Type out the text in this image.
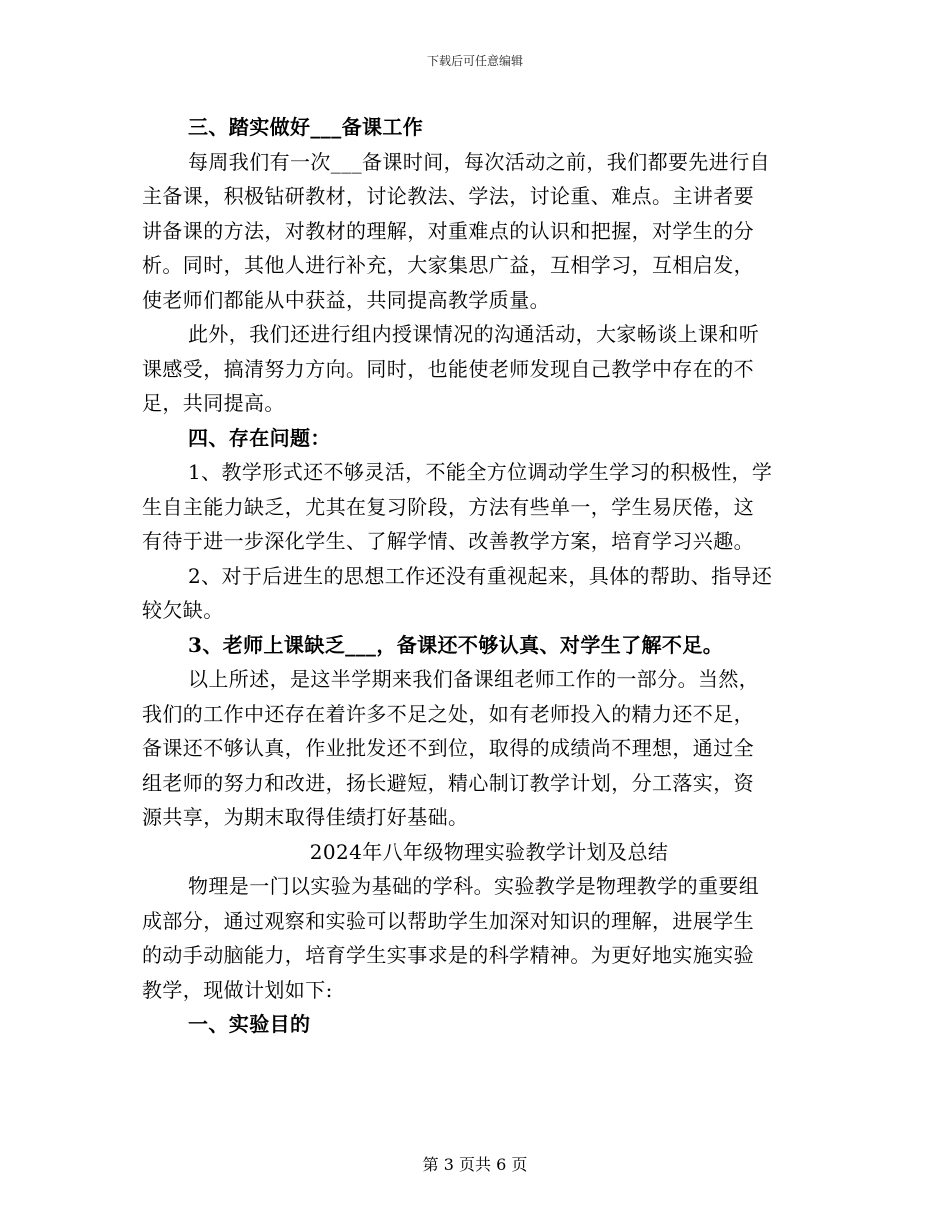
下载后可任意编辑
三、踏实做好___备课工作
每周我们有一次___备课时间，每次活动之前，我们都要先进行自
主备课，积极钻研教材，讨论教法、学法，讨论重、难点。主讲者要
讲备课的方法，对教材的理解，对重难点的认识和把握，对学生的分
析。同时，其他人进行补充，大家集思广益，互相学习，互相启发，
使老师们都能从中获益，共同提高教学质量。
此外，我们还进行组内授课情况的沟通活动，大家畅谈上课和听
课感受，搞清努力方向。同时，也能使老师发现自己教学中存在的不
足，共同提高。
四、存在问题：
1、教学形式还不够灵活，不能全方位调动学生学习的积极性，学
生自主能力缺乏，尤其在复习阶段，方法有些单一，学生易厌倦，这
有待于进一步深化学生、了解学情、改善教学方案，培育学习兴趣。
2、对于后进生的思想工作还没有重视起来，具体的帮助、指导还
较欠缺。
3、老师上课缺乏___，备课还不够认真、对学生了解不足。
以上所述，是这半学期来我们备课组老师工作的一部分。当然，
我们的工作中还存在着许多不足之处，如有老师投入的精力还不足，
备课还不够认真，作业批发还不到位，取得的成绩尚不理想，通过全
组老师的努力和改进，扬长避短，精心制订教学计划，分工落实，资
源共享，为期末取得佳绩打好基础。
2024年八年级物理实验教学计划及总结
物理是一门以实验为基础的学科。实验教学是物理教学的重要组
成部分，通过观察和实验可以帮助学生加深对知识的理解，进展学生
的动手动脑能力，培育学生实事求是的科学精神。为更好地实施实验
教学，现做计划如下:
一、实验目的
第 3 页共 6 页
